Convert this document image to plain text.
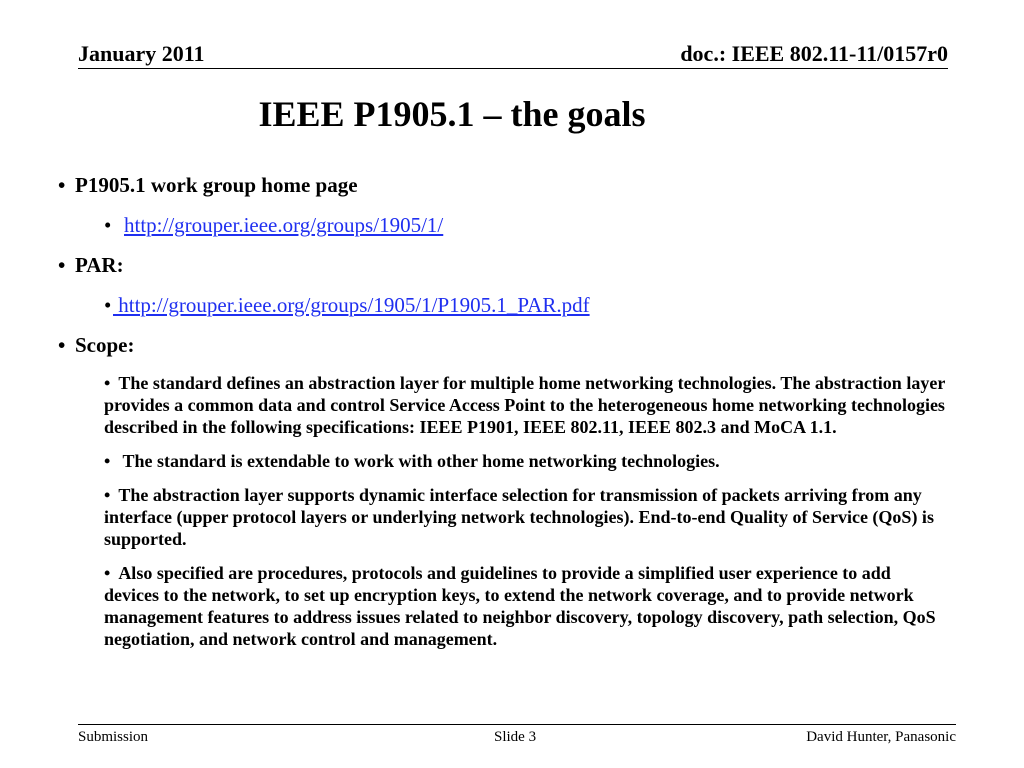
January 2011	doc.: IEEE 802.11-11/0157r0
IEEE P1905.1 – the goals
• P1905.1 work group home page
• http://grouper.ieee.org/groups/1905/1/
• PAR:
• http://grouper.ieee.org/groups/1905/1/P1905.1_PAR.pdf
• Scope:
• The standard defines an abstraction layer for multiple home networking technologies. The abstraction layer provides a common data and control Service Access Point to the heterogeneous home networking technologies described in the following specifications: IEEE P1901, IEEE 802.11, IEEE 802.3 and MoCA 1.1.
• The standard is extendable to work with other home networking technologies.
• The abstraction layer supports dynamic interface selection for transmission of packets arriving from any interface (upper protocol layers or underlying network technologies). End-to-end Quality of Service (QoS) is supported.
• Also specified are procedures, protocols and guidelines to provide a simplified user experience to add devices to the network, to set up encryption keys, to extend the network coverage, and to provide network management features to address issues related to neighbor discovery, topology discovery, path selection, QoS negotiation, and network control and management.
Submission	Slide 3	David Hunter, Panasonic
